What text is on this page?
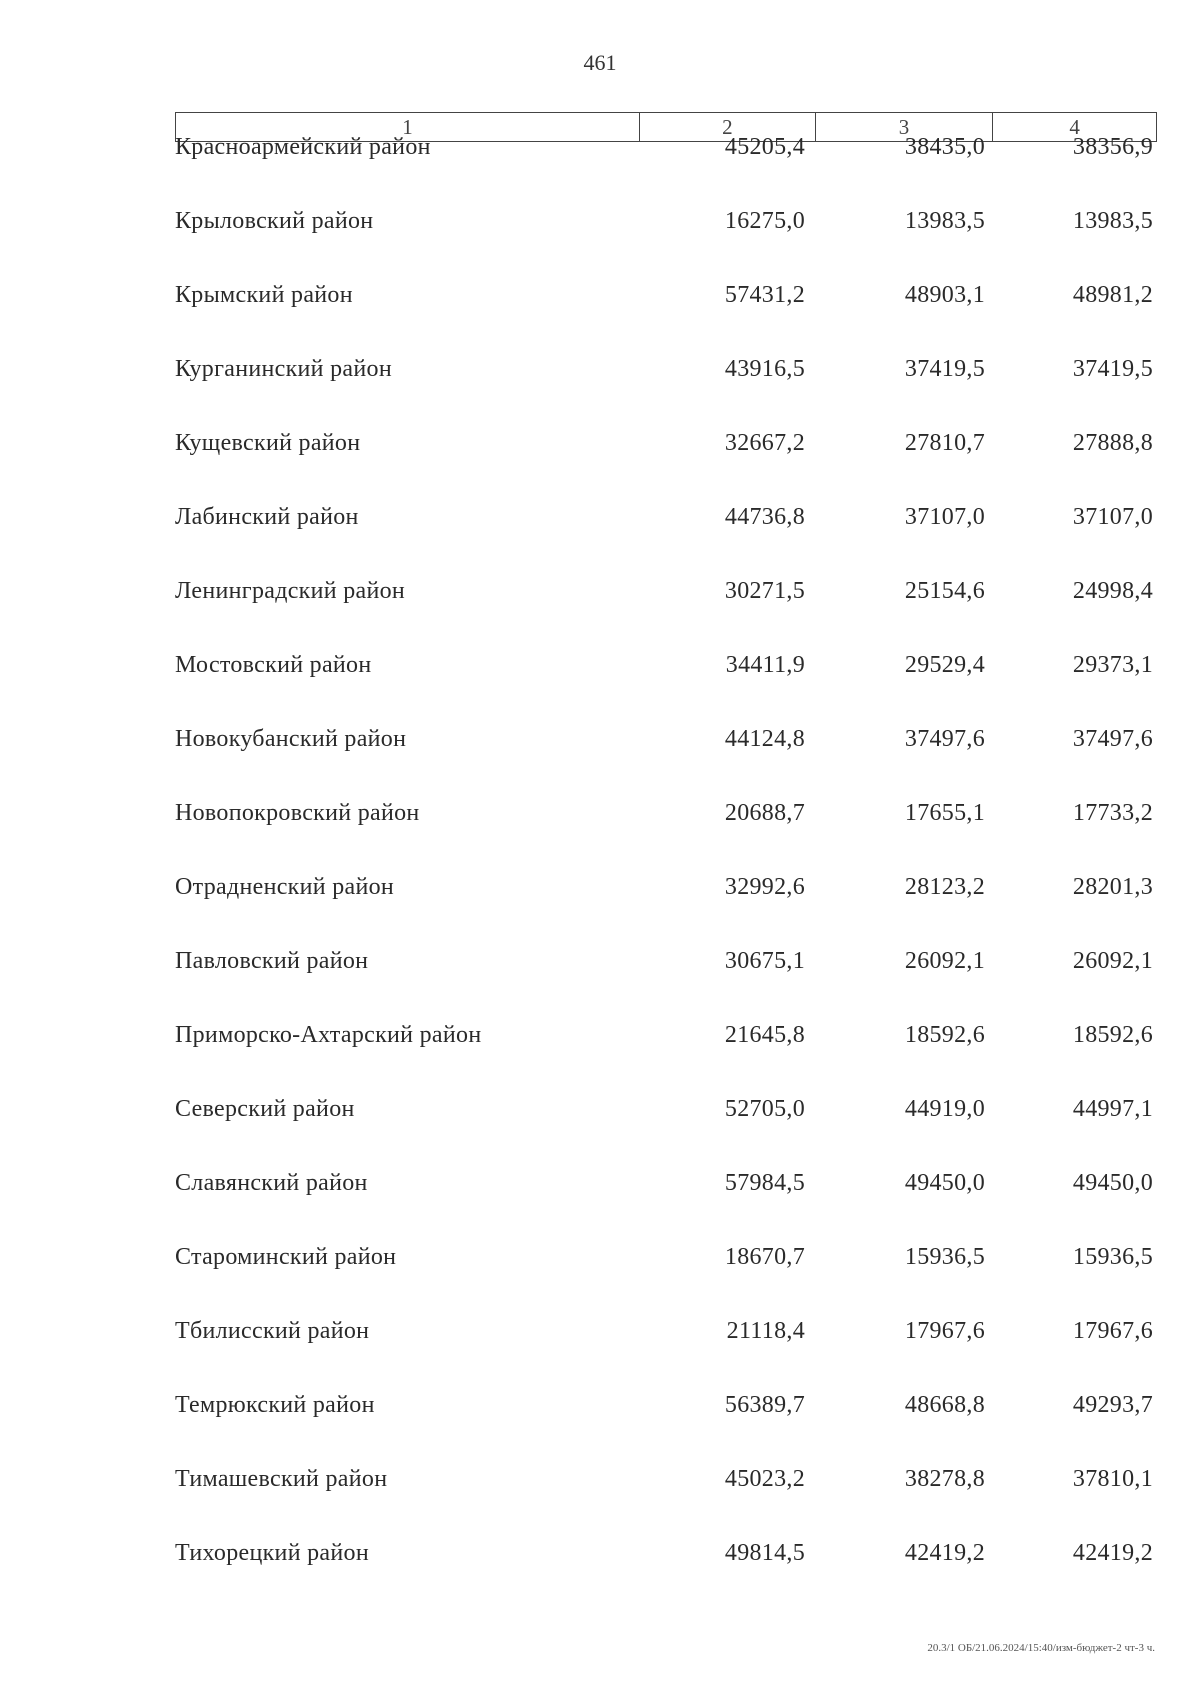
461
1	2	3	4
Красноармейский район	45205,4	38435,0	38356,9
Крыловский район	16275,0	13983,5	13983,5
Крымский район	57431,2	48903,1	48981,2
Курганинский район	43916,5	37419,5	37419,5
Кущевский район	32667,2	27810,7	27888,8
Лабинский район	44736,8	37107,0	37107,0
Ленинградский район	30271,5	25154,6	24998,4
Мостовский район	34411,9	29529,4	29373,1
Новокубанский район	44124,8	37497,6	37497,6
Новопокровский район	20688,7	17655,1	17733,2
Отрадненский район	32992,6	28123,2	28201,3
Павловский район	30675,1	26092,1	26092,1
Приморско-Ахтарский район	21645,8	18592,6	18592,6
Северский район	52705,0	44919,0	44997,1
Славянский район	57984,5	49450,0	49450,0
Староминский район	18670,7	15936,5	15936,5
Тбилисский район	21118,4	17967,6	17967,6
Темрюкский район	56389,7	48668,8	49293,7
Тимашевский район	45023,2	38278,8	37810,1
Тихорецкий район	49814,5	42419,2	42419,2
20.3/1 ОБ/21.06.2024/15:40/изм-бюджет-2 чт-3 ч.
